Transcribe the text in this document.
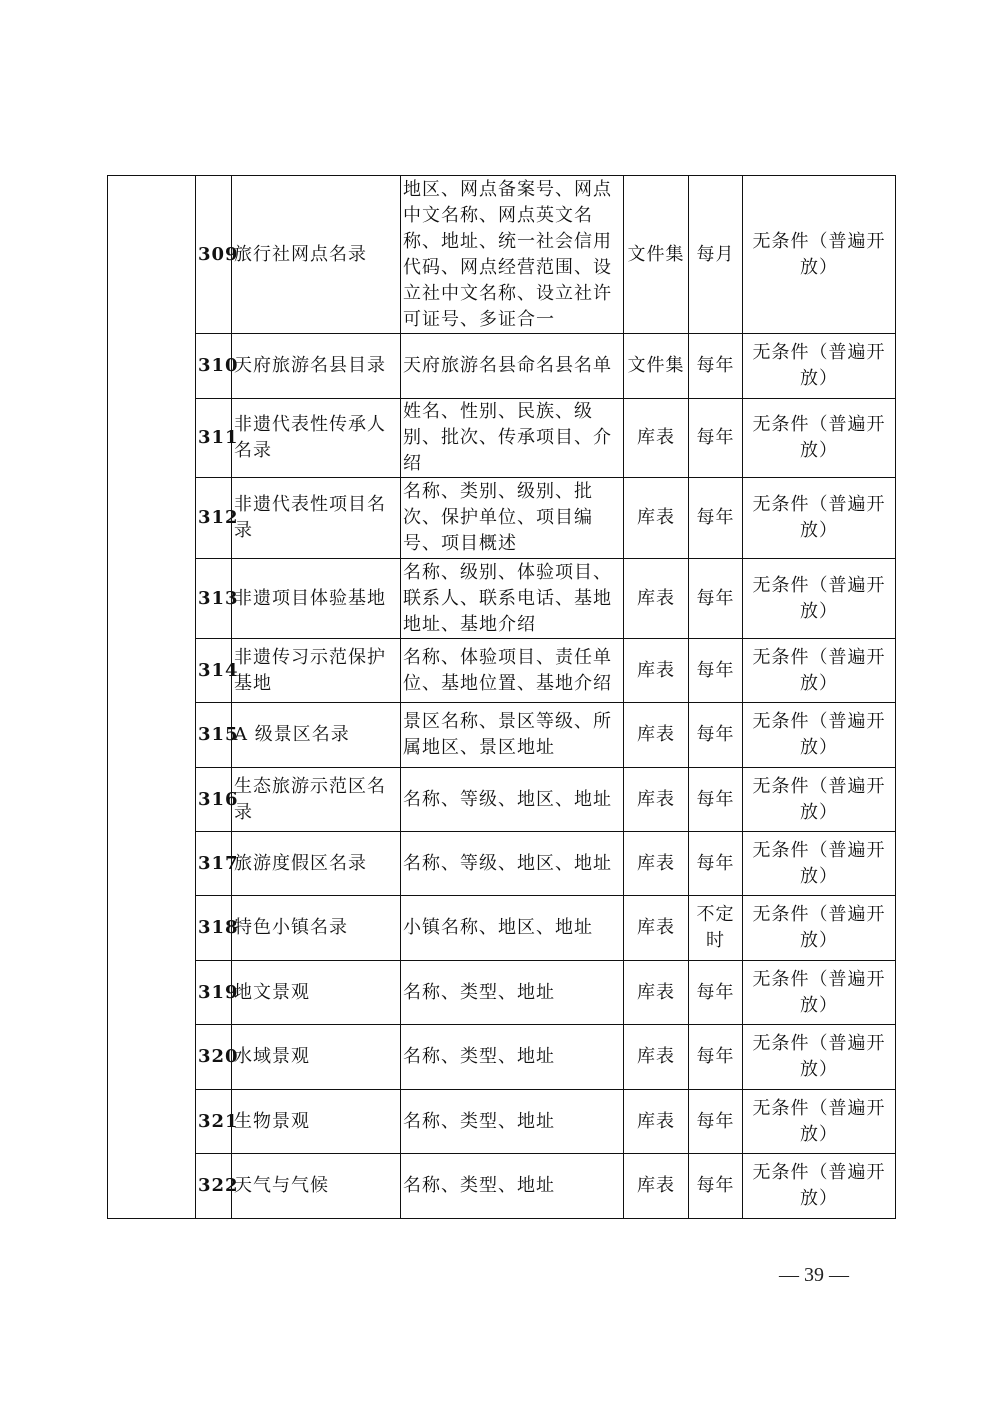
	309	旅行社网点名录	地区、网点备案号、网点中文名称、网点英文名称、地址、统一社会信用代码、网点经营范围、设立社中文名称、设立社许可证号、多证合一	文件集	每月	无条件（普遍开放）
	310	天府旅游名县目录	天府旅游名县命名县名单	文件集	每年	无条件（普遍开放）
	311	非遗代表性传承人名录	姓名、性别、民族、级别、批次、传承项目、介绍	库表	每年	无条件（普遍开放）
	312	非遗代表性项目名录	名称、类别、级别、批次、保护单位、项目编号、项目概述	库表	每年	无条件（普遍开放）
	313	非遗项目体验基地	名称、级别、体验项目、联系人、联系电话、基地地址、基地介绍	库表	每年	无条件（普遍开放）
	314	非遗传习示范保护基地	名称、体验项目、责任单位、基地位置、基地介绍	库表	每年	无条件（普遍开放）
	315	A 级景区名录	景区名称、景区等级、所属地区、景区地址	库表	每年	无条件（普遍开放）
	316	生态旅游示范区名录	名称、等级、地区、地址	库表	每年	无条件（普遍开放）
	317	旅游度假区名录	名称、等级、地区、地址	库表	每年	无条件（普遍开放）
	318	特色小镇名录	小镇名称、地区、地址	库表	不定时	无条件（普遍开放）
	319	地文景观	名称、类型、地址	库表	每年	无条件（普遍开放）
	320	水域景观	名称、类型、地址	库表	每年	无条件（普遍开放）
	321	生物景观	名称、类型、地址	库表	每年	无条件（普遍开放）
	322	天气与气候	名称、类型、地址	库表	每年	无条件（普遍开放）
— 39 —
